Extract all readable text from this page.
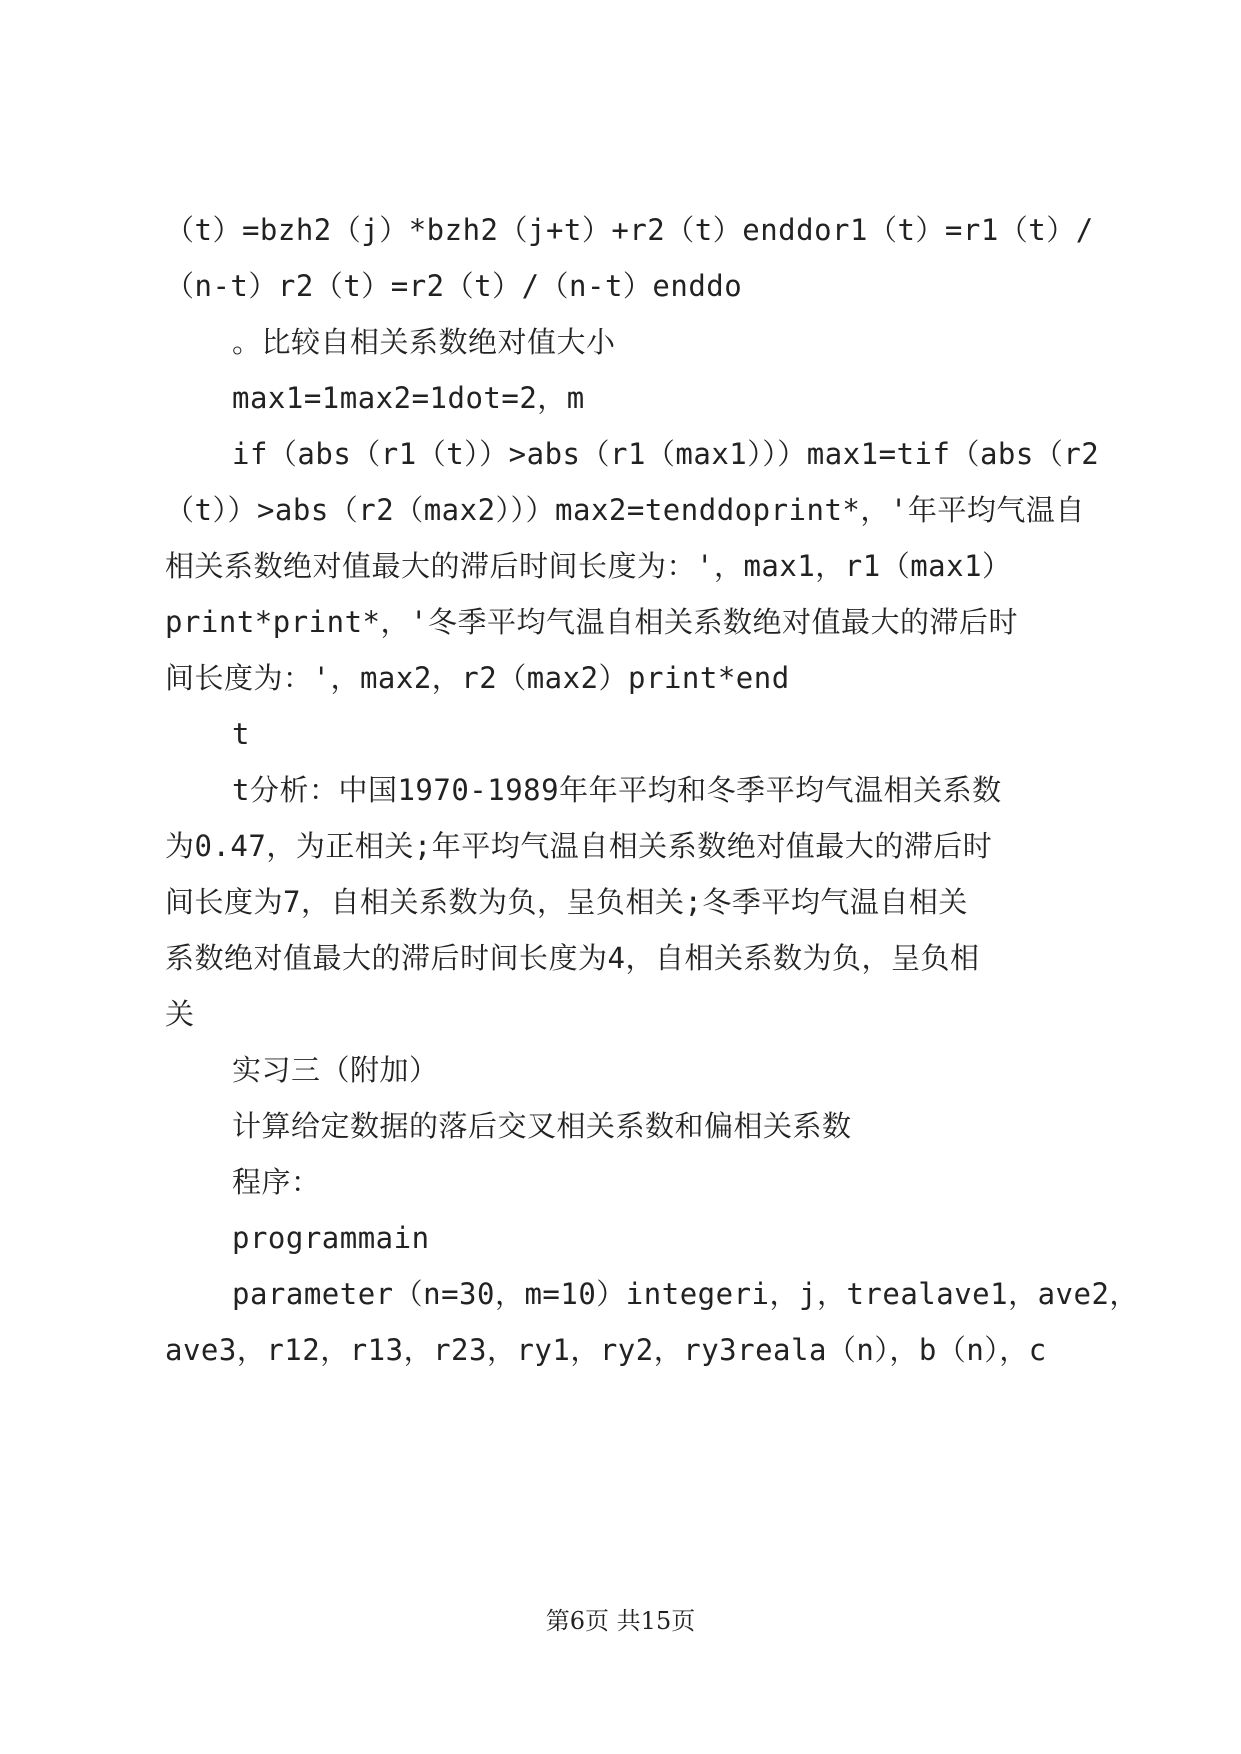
（t）=bzh2（j）*bzh2（j+t）+r2（t）enddor1（t）=r1（t）/
（n-t）r2（t）=r2（t）/（n-t）enddo
。比较自相关系数绝对值大小
max1=1max2=1dot=2，m
if（abs（r1（t））>abs（r1（max1）））max1=tif（abs（r2
（t））>abs（r2（max2）））max2=tenddoprint*，'年平均气温自
相关系数绝对值最大的滞后时间长度为：'，max1，r1（max1）
print*print*，'冬季平均气温自相关系数绝对值最大的滞后时
间长度为：'，max2，r2（max2）print*end
t
t分析：中国1970-1989年年平均和冬季平均气温相关系数
为0.47，为正相关;年平均气温自相关系数绝对值最大的滞后时
间长度为7，自相关系数为负，呈负相关;冬季平均气温自相关
系数绝对值最大的滞后时间长度为4，自相关系数为负，呈负相
关
实习三（附加）
计算给定数据的落后交叉相关系数和偏相关系数
程序：
programmain
parameter（n=30，m=10）integeri，j，trealave1，ave2，
ave3，r12，r13，r23，ry1，ry2，ry3reala（n），b（n），c
第6页 共15页
